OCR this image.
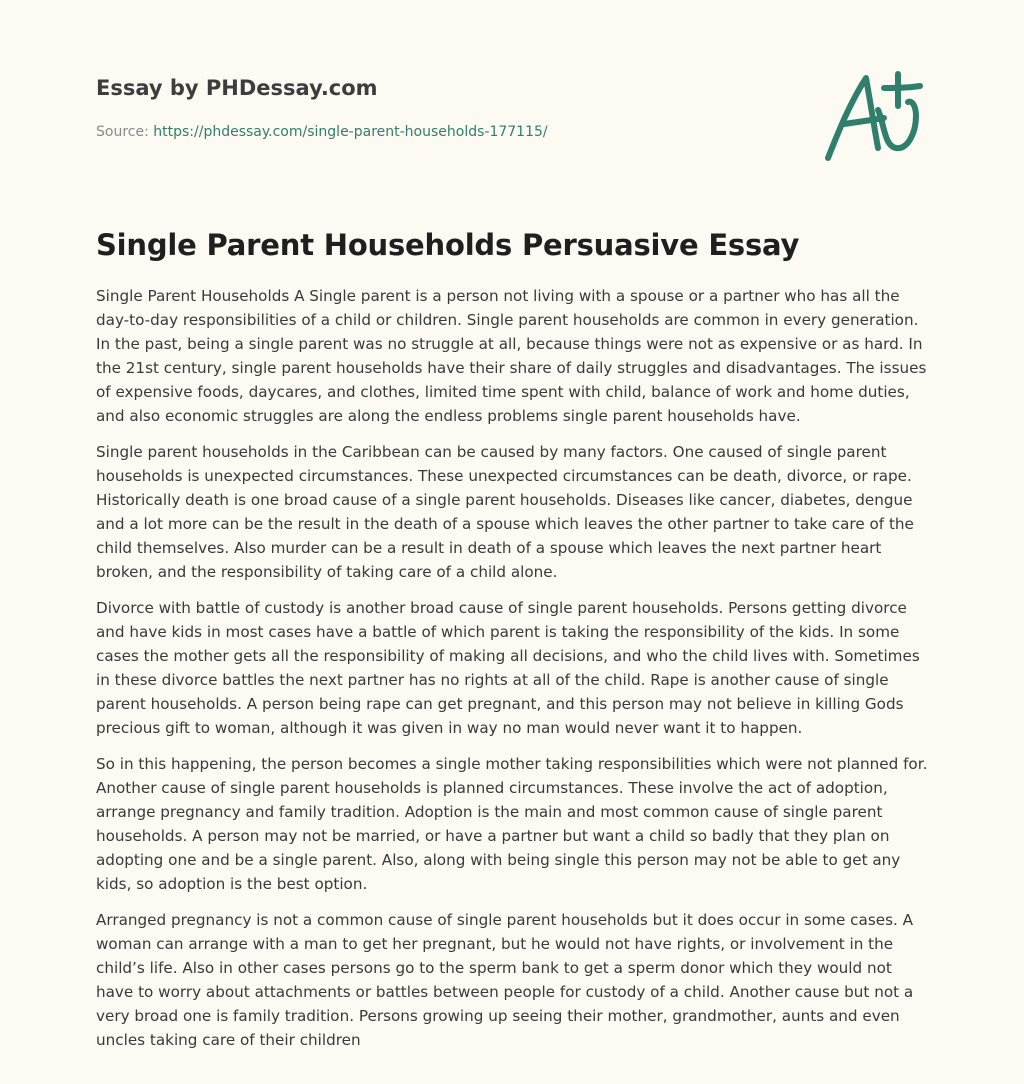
Essay by PHDessay.com
Source: https://phdessay.com/single-parent-households-177115/
Single Parent Households Persuasive Essay

Single Parent Households A Single parent is a person not living with a spouse or a partner who has all the day-to-day responsibilities of a child or children. Single parent households are common in every generation. In the past, being a single parent was no struggle at all, because things were not as expensive or as hard. In the 21st century, single parent households have their share of daily struggles and disadvantages. The issues of expensive foods, daycares, and clothes, limited time spent with child, balance of work and home duties, and also economic struggles are along the endless problems single parent households have.

Single parent households in the Caribbean can be caused by many factors. One caused of single parent households is unexpected circumstances. These unexpected circumstances can be death, divorce, or rape. Historically death is one broad cause of a single parent households. Diseases like cancer, diabetes, dengue and a lot more can be the result in the death of a spouse which leaves the other partner to take care of the child themselves. Also murder can be a result in death of a spouse which leaves the next partner heart broken, and the responsibility of taking care of a child alone.

Divorce with battle of custody is another broad cause of single parent households. Persons getting divorce and have kids in most cases have a battle of which parent is taking the responsibility of the kids. In some cases the mother gets all the responsibility of making all decisions, and who the child lives with. Sometimes in these divorce battles the next partner has no rights at all of the child. Rape is another cause of single parent households. A person being rape can get pregnant, and this person may not believe in killing Gods precious gift to woman, although it was given in way no man would never want it to happen.

So in this happening, the person becomes a single mother taking responsibilities which were not planned for. Another cause of single parent households is planned circumstances. These involve the act of adoption, arrange pregnancy and family tradition. Adoption is the main and most common cause of single parent households. A person may not be married, or have a partner but want a child so badly that they plan on adopting one and be a single parent. Also, along with being single this person may not be able to get any kids, so adoption is the best option.

Arranged pregnancy is not a common cause of single parent households but it does occur in some cases. A woman can arrange with a man to get her pregnant, but he would not have rights, or involvement in the child’s life. Also in other cases persons go to the sperm bank to get a sperm donor which they would not have to worry about attachments or battles between people for custody of a child. Another cause but not a very broad one is family tradition. Persons growing up seeing their mother, grandmother, aunts and even uncles taking care of their children
